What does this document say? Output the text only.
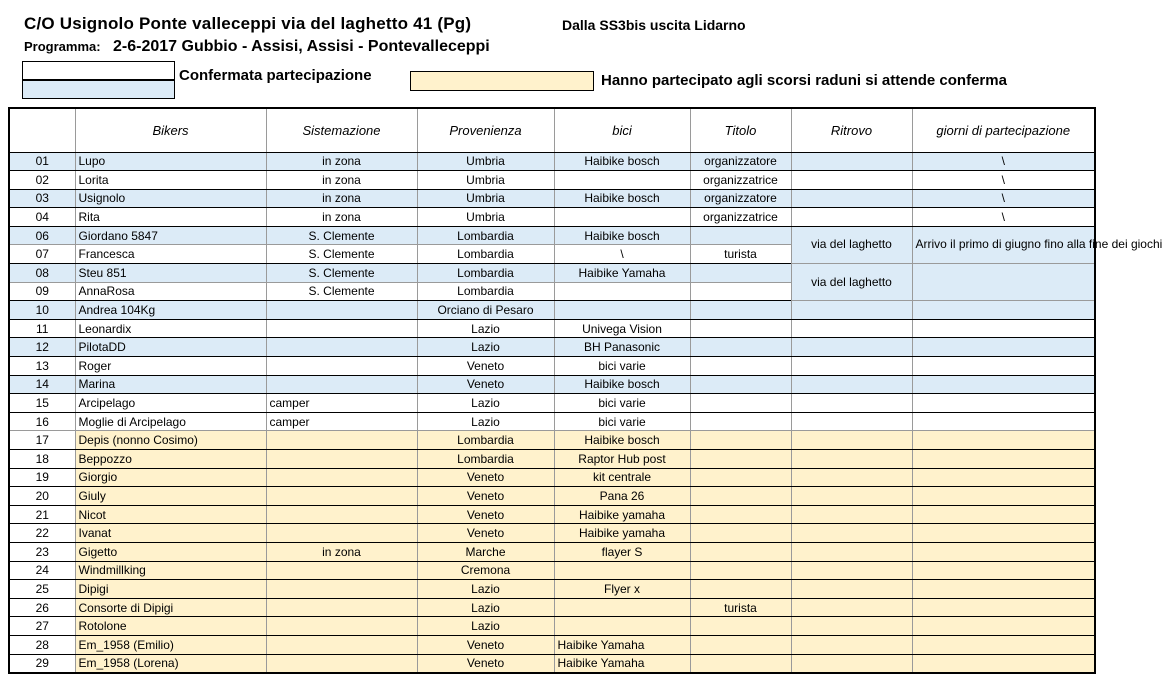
C/O Usignolo Ponte valleceppi via del laghetto 41 (Pg)	Dalla SS3bis uscita Lidarno
Programma: 2-6-2017 Gubbio - Assisi, Assisi - Pontevalleceppi
Confermata partecipazione	Hanno partecipato agli scorsi raduni si attende conferma
	Bikers	Sistemazione	Provenienza	bici	Titolo	Ritrovo	giorni di partecipazione
01	Lupo	in zona	Umbria	Haibike bosch	organizzatore		\
02	Lorita	in zona	Umbria		organizzatrice		\
03	Usignolo	in zona	Umbria	Haibike bosch	organizzatore		\
04	Rita	in zona	Umbria		organizzatrice		\
06	Giordano 5847	S. Clemente	Lombardia	Haibike bosch		via del laghetto	Arrivo il primo di giugno fino alla fine dei giochi
07	Francesca	S. Clemente	Lombardia	\	turista		
08	Steu 851	S. Clemente	Lombardia	Haibike Yamaha		via del laghetto	
09	AnnaRosa	S. Clemente	Lombardia				
10	Andrea 104Kg		Orciano di Pesaro				
11	Leonardix		Lazio	Univega Vision			
12	PilotaDD		Lazio	BH Panasonic			
13	Roger		Veneto	bici varie			
14	Marina		Veneto	Haibike bosch			
15	Arcipelago	camper	Lazio	bici varie			
16	Moglie di Arcipelago	camper	Lazio	bici varie			
17	Depis (nonno Cosimo)		Lombardia	Haibike bosch			
18	Beppozzo		Lombardia	Raptor Hub post			
19	Giorgio		Veneto	kit centrale			
20	Giuly		Veneto	Pana 26			
21	Nicot		Veneto	Haibike yamaha			
22	Ivanat		Veneto	Haibike yamaha			
23	Gigetto	in zona	Marche	flayer S			
24	Windmillking		Cremona				
25	Dipigi		Lazio	Flyer x			
26	Consorte di Dipigi		Lazio		turista		
27	Rotolone		Lazio				
28	Em_1958 (Emilio)		Veneto	Haibike Yamaha			
29	Em_1958 (Lorena)		Veneto	Haibike Yamaha			
